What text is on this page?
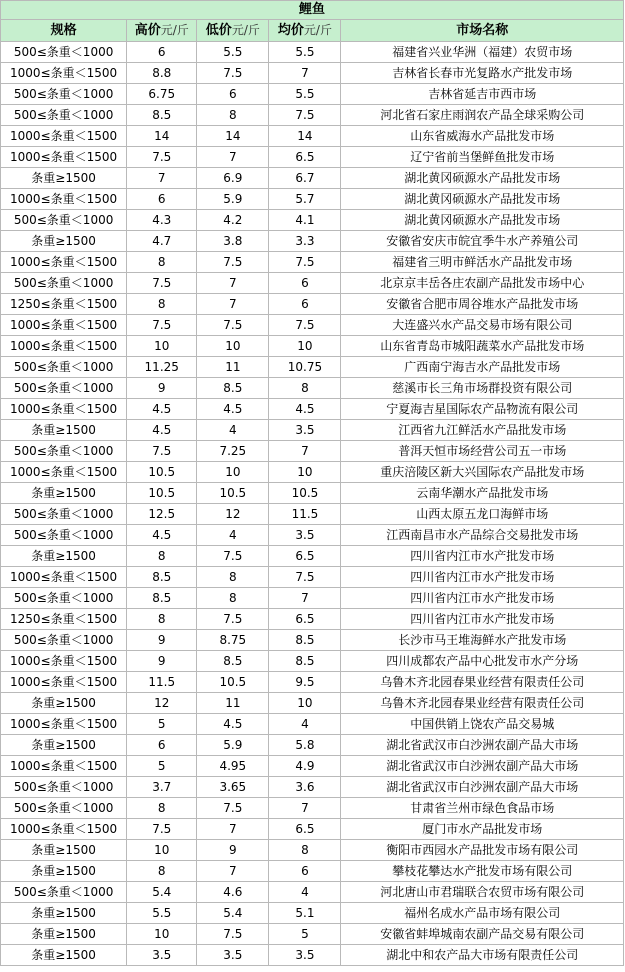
鲤鱼				
规格	高价元/斤	低价元/斤	均价元/斤	市场名称
500≤条重＜1000	6	5.5	5.5	福建省兴业华洲（福建）农贸市场
1000≤条重＜1500	8.8	7.5	7	吉林省长春市光复路水产批发市场
500≤条重＜1000	6.75	6	5.5	吉林省延吉市西市场
500≤条重＜1000	8.5	8	7.5	河北省石家庄雨润农产品全球采购公司
1000≤条重＜1500	14	14	14	山东省威海水产品批发市场
1000≤条重＜1500	7.5	7	6.5	辽宁省前当堡鲜鱼批发市场
条重≥1500	7	6.9	6.7	湖北黄冈硕源水产品批发市场
1000≤条重＜1500	6	5.9	5.7	湖北黄冈硕源水产品批发市场
500≤条重＜1000	4.3	4.2	4.1	湖北黄冈硕源水产品批发市场
条重≥1500	4.7	3.8	3.3	安徽省安庆市皖宜季牛水产养殖公司
1000≤条重＜1500	8	7.5	7.5	福建省三明市鲜活水产品批发市场
500≤条重＜1000	7.5	7	6	北京京丰岳各庄农副产品批发市场中心
1250≤条重＜1500	8	7	6	安徽省合肥市周谷堆水产品批发市场
1000≤条重＜1500	7.5	7.5	7.5	大连盛兴水产品交易市场有限公司
1000≤条重＜1500	10	10	10	山东省青岛市城阳蔬菜水产品批发市场
500≤条重＜1000	11.25	11	10.75	广西南宁海吉水产品批发市场
500≤条重＜1000	9	8.5	8	慈溪市长三角市场群投资有限公司
1000≤条重＜1500	4.5	4.5	4.5	宁夏海吉星国际农产品物流有限公司
条重≥1500	4.5	4	3.5	江西省九江鲜活水产品批发市场
500≤条重＜1000	7.5	7.25	7	普洱天恒市场经营公司五一市场
1000≤条重＜1500	10.5	10	10	重庆涪陵区新大兴国际农产品批发市场
条重≥1500	10.5	10.5	10.5	云南华潮水产品批发市场
500≤条重＜1000	12.5	12	11.5	山西太原五龙口海鲜市场
500≤条重＜1000	4.5	4	3.5	江西南昌市水产品综合交易批发市场
条重≥1500	8	7.5	6.5	四川省内江市水产批发市场
1000≤条重＜1500	8.5	8	7.5	四川省内江市水产批发市场
500≤条重＜1000	8.5	8	7	四川省内江市水产批发市场
1250≤条重＜1500	8	7.5	6.5	四川省内江市水产批发市场
500≤条重＜1000	9	8.75	8.5	长沙市马王堆海鲜水产批发市场
1000≤条重＜1500	9	8.5	8.5	四川成都农产品中心批发市水产分场
1000≤条重＜1500	11.5	10.5	9.5	乌鲁木齐北园春果业经营有限责任公司
条重≥1500	12	11	10	乌鲁木齐北园春果业经营有限责任公司
1000≤条重＜1500	5	4.5	4	中国供销上饶农产品交易城
条重≥1500	6	5.9	5.8	湖北省武汉市白沙洲农副产品大市场
1000≤条重＜1500	5	4.95	4.9	湖北省武汉市白沙洲农副产品大市场
500≤条重＜1000	3.7	3.65	3.6	湖北省武汉市白沙洲农副产品大市场
500≤条重＜1000	8	7.5	7	甘肃省兰州市绿色食品市场
1000≤条重＜1500	7.5	7	6.5	厦门市水产品批发市场
条重≥1500	10	9	8	衡阳市西园水产品批发市场有限公司
条重≥1500	8	7	6	攀枝花攀达水产批发市场有限公司
500≤条重＜1000	5.4	4.6	4	河北唐山市君瑞联合农贸市场有限公司
条重≥1500	5.5	5.4	5.1	福州名成水产品市场有限公司
条重≥1500	10	7.5	5	安徽省蚌埠城南农副产品交易有限公司
条重≥1500	3.5	3.5	3.5	湖北中和农产品大市场有限责任公司
